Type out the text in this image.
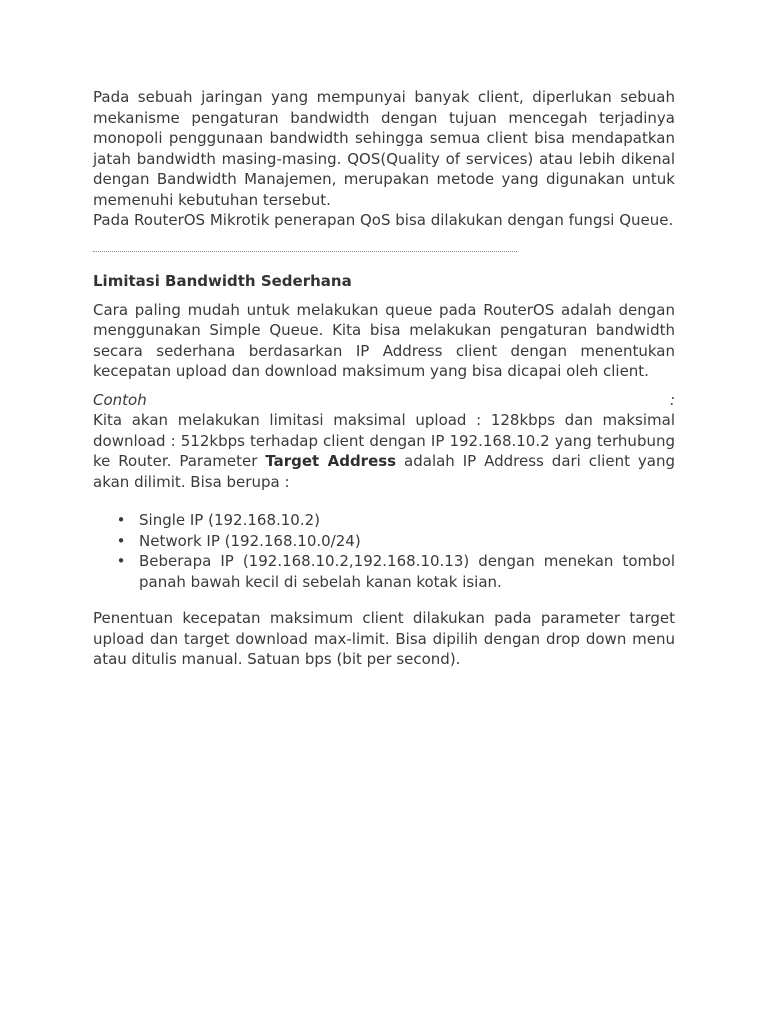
Pada sebuah jaringan yang mempunyai banyak client, diperlukan sebuah mekanisme pengaturan bandwidth dengan tujuan mencegah terjadinya monopoli penggunaan bandwidth sehingga semua client bisa mendapatkan jatah bandwidth masing-masing. QOS(Quality of services) atau lebih dikenal dengan Bandwidth Manajemen, merupakan metode yang digunakan untuk memenuhi kebutuhan tersebut.

Pada RouterOS Mikrotik penerapan QoS bisa dilakukan dengan fungsi Queue.

Limitasi Bandwidth Sederhana

Cara paling mudah untuk melakukan queue pada RouterOS adalah dengan menggunakan Simple Queue. Kita bisa melakukan pengaturan bandwidth secara sederhana berdasarkan IP Address client dengan menentukan kecepatan upload dan download maksimum yang bisa dicapai oleh client.

Contoh	:

Kita akan melakukan limitasi maksimal upload : 128kbps dan maksimal download : 512kbps terhadap client dengan IP 192.168.10.2 yang terhubung ke Router. Parameter Target Address adalah IP Address dari client yang akan dilimit. Bisa berupa :

• Single IP (192.168.10.2)
• Network IP (192.168.10.0/24)
• Beberapa IP (192.168.10.2,192.168.10.13) dengan menekan tombol panah bawah kecil di sebelah kanan kotak isian.

Penentuan kecepatan maksimum client dilakukan pada parameter target upload dan target download max-limit. Bisa dipilih dengan drop down menu atau ditulis manual. Satuan bps (bit per second).
